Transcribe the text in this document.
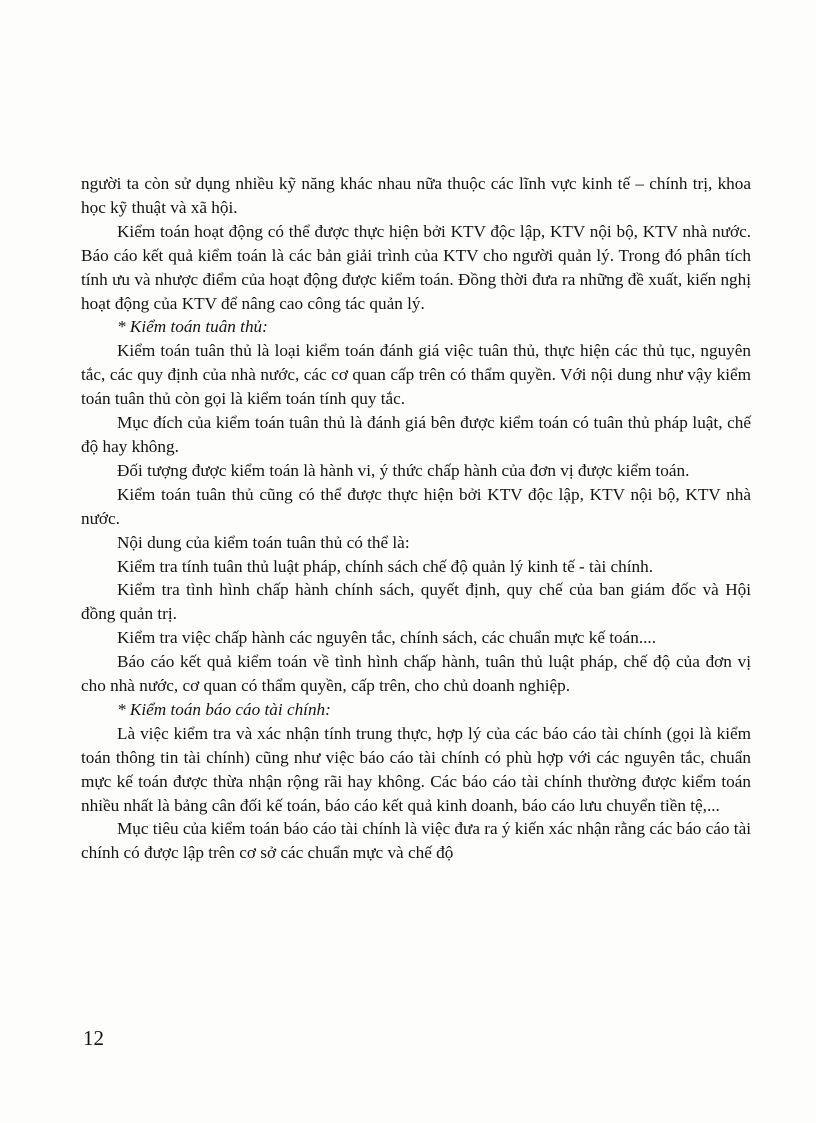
người ta còn sử dụng nhiều kỹ năng khác nhau nữa thuộc các lĩnh vực kinh tế – chính trị, khoa học kỹ thuật và xã hội.

Kiểm toán hoạt động có thể được thực hiện bởi KTV độc lập, KTV nội bộ, KTV nhà nước. Báo cáo kết quả kiểm toán là các bản giải trình của KTV cho người quản lý. Trong đó phân tích tính ưu và nhược điểm của hoạt động được kiểm toán. Đồng thời đưa ra những đề xuất, kiến nghị hoạt động của KTV để nâng cao công tác quản lý.

* Kiểm toán tuân thủ:

Kiểm toán tuân thủ là loại kiểm toán đánh giá việc tuân thủ, thực hiện các thủ tục, nguyên tắc, các quy định của nhà nước, các cơ quan cấp trên có thẩm quyền. Với nội dung như vậy kiểm toán tuân thủ còn gọi là kiểm toán tính quy tắc.

Mục đích của kiểm toán tuân thủ là đánh giá bên được kiểm toán có tuân thủ pháp luật, chế độ hay không.

Đối tượng được kiểm toán là hành vi, ý thức chấp hành của đơn vị được kiểm toán.

Kiểm toán tuân thủ cũng có thể được thực hiện bởi KTV độc lập, KTV nội bộ, KTV nhà nước.

Nội dung của kiểm toán tuân thủ có thể là:

Kiểm tra tính tuân thủ luật pháp, chính sách chế độ quản lý kinh tế - tài chính.

Kiểm tra tình hình chấp hành chính sách, quyết định, quy chế của ban giám đốc và Hội đồng quản trị.

Kiểm tra việc chấp hành các nguyên tắc, chính sách, các chuẩn mực kế toán....

Báo cáo kết quả kiểm toán về tình hình chấp hành, tuân thủ luật pháp, chế độ của đơn vị cho nhà nước, cơ quan có thẩm quyền, cấp trên, cho chủ doanh nghiệp.

* Kiểm toán báo cáo tài chính:

Là việc kiểm tra và xác nhận tính trung thực, hợp lý của các báo cáo tài chính (gọi là kiểm toán thông tin tài chính) cũng như việc báo cáo tài chính có phù hợp với các nguyên tắc, chuẩn mực kế toán được thừa nhận rộng rãi hay không. Các báo cáo tài chính thường được kiểm toán nhiều nhất là bảng cân đối kế toán, báo cáo kết quả kinh doanh, báo cáo lưu chuyển tiền tệ,...

Mục tiêu của kiểm toán báo cáo tài chính là việc đưa ra ý kiến xác nhận rằng các báo cáo tài chính có được lập trên cơ sở các chuẩn mực và chế độ

12
